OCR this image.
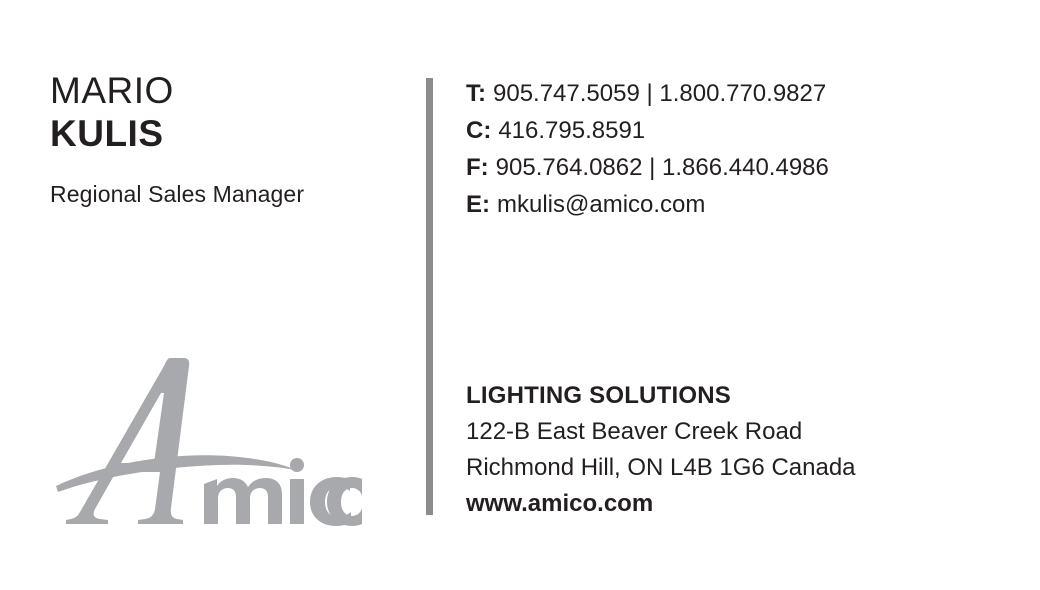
MARIO
KULIS
Regional Sales Manager
T: 905.747.5059 | 1.800.770.9827
C: 416.795.8591
F: 905.764.0862 | 1.866.440.4986
E: mkulis@amico.com
LIGHTING SOLUTIONS
122-B East Beaver Creek Road
Richmond Hill, ON L4B 1G6 Canada
www.amico.com
